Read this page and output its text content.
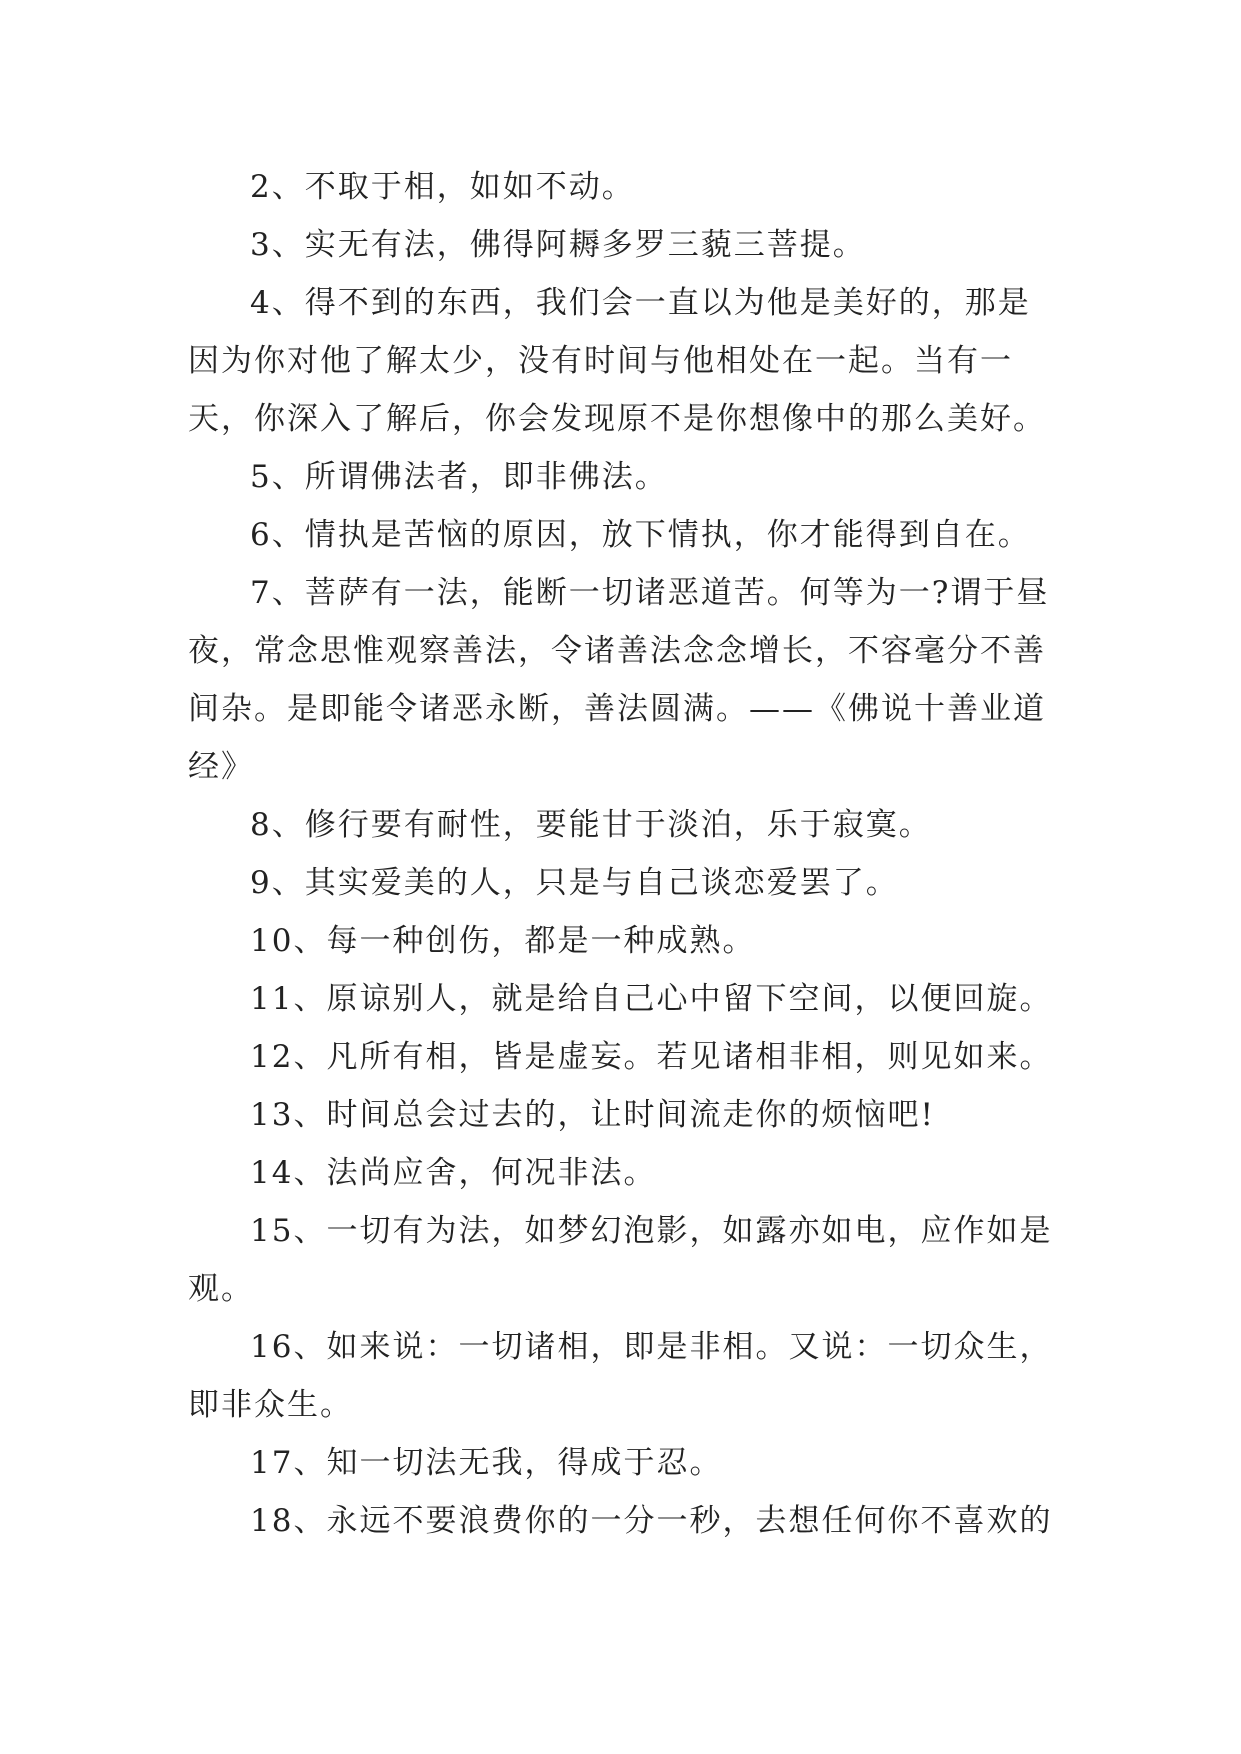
2、不取于相，如如不动。

3、实无有法，佛得阿耨多罗三藐三菩提。

4、得不到的东西，我们会一直以为他是美好的，那是因为你对他了解太少，没有时间与他相处在一起。当有一天，你深入了解后，你会发现原不是你想像中的那么美好。

5、所谓佛法者，即非佛法。

6、情执是苦恼的原因，放下情执，你才能得到自在。

7、菩萨有一法，能断一切诸恶道苦。何等为一?谓于昼夜，常念思惟观察善法，令诸善法念念增长，不容毫分不善间杂。是即能令诸恶永断，善法圆满。——《佛说十善业道经》

8、修行要有耐性，要能甘于淡泊，乐于寂寞。

9、其实爱美的人，只是与自己谈恋爱罢了。

10、每一种创伤，都是一种成熟。

11、原谅别人，就是给自己心中留下空间，以便回旋。

12、凡所有相，皆是虚妄。若见诸相非相，则见如来。

13、时间总会过去的，让时间流走你的烦恼吧!

14、法尚应舍，何况非法。

15、一切有为法，如梦幻泡影，如露亦如电，应作如是观。

16、如来说：一切诸相，即是非相。又说：一切众生，即非众生。

17、知一切法无我，得成于忍。

18、永远不要浪费你的一分一秒，去想任何你不喜欢的
